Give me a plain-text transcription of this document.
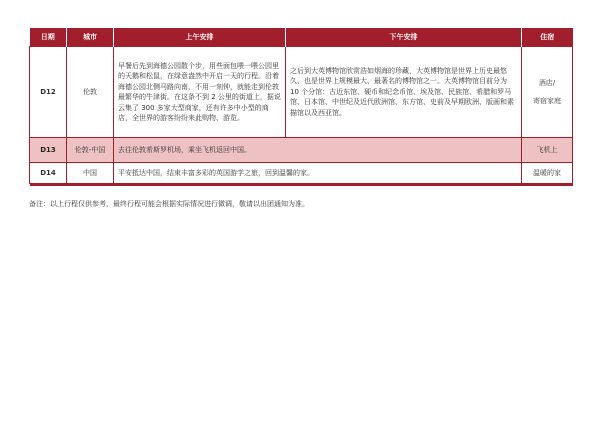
日期	城市	上午安排	下午安排	住宿
D12	伦敦	早餐后先到海德公园散个步，用些面包喂一喂公园里的天鹅和松鼠，在绿意盎然中开启一天的行程。沿着海德公园北侧马路向南，不用一刻钟，就能走到伦敦最繁华的牛津街。在这条不到 2 公里的街道上，据说云集了 300 多家大型商家，还有许多中小型的商店，全世界的游客纷纷来此购物、游览。	之后到大英博物馆欣赏浩如烟海的珍藏，大英博物馆是世界上历史最悠久、也是世界上规模最大、最著名的博物馆之一。大英博物馆目前分为 10 个分馆：古近东馆、硬币和纪念币馆、埃及馆、民族馆、希腊和罗马馆、日本馆、中世纪及近代欧洲馆、东方馆、史前及早期欧洲、版画和素描馆以及西亚馆。	酒店/
寄宿家庭

D13	伦敦-中国	去往伦敦希斯罗机场，乘坐飞机返回中国。		飞机上
D14	中国	平安抵达中国，结束丰富多彩的英国游学之旅，回到温馨的家。		温暖的家

备注：以上行程仅供参考，最终行程可能会根据实际情况进行微调，敬请以出团通知为准。
